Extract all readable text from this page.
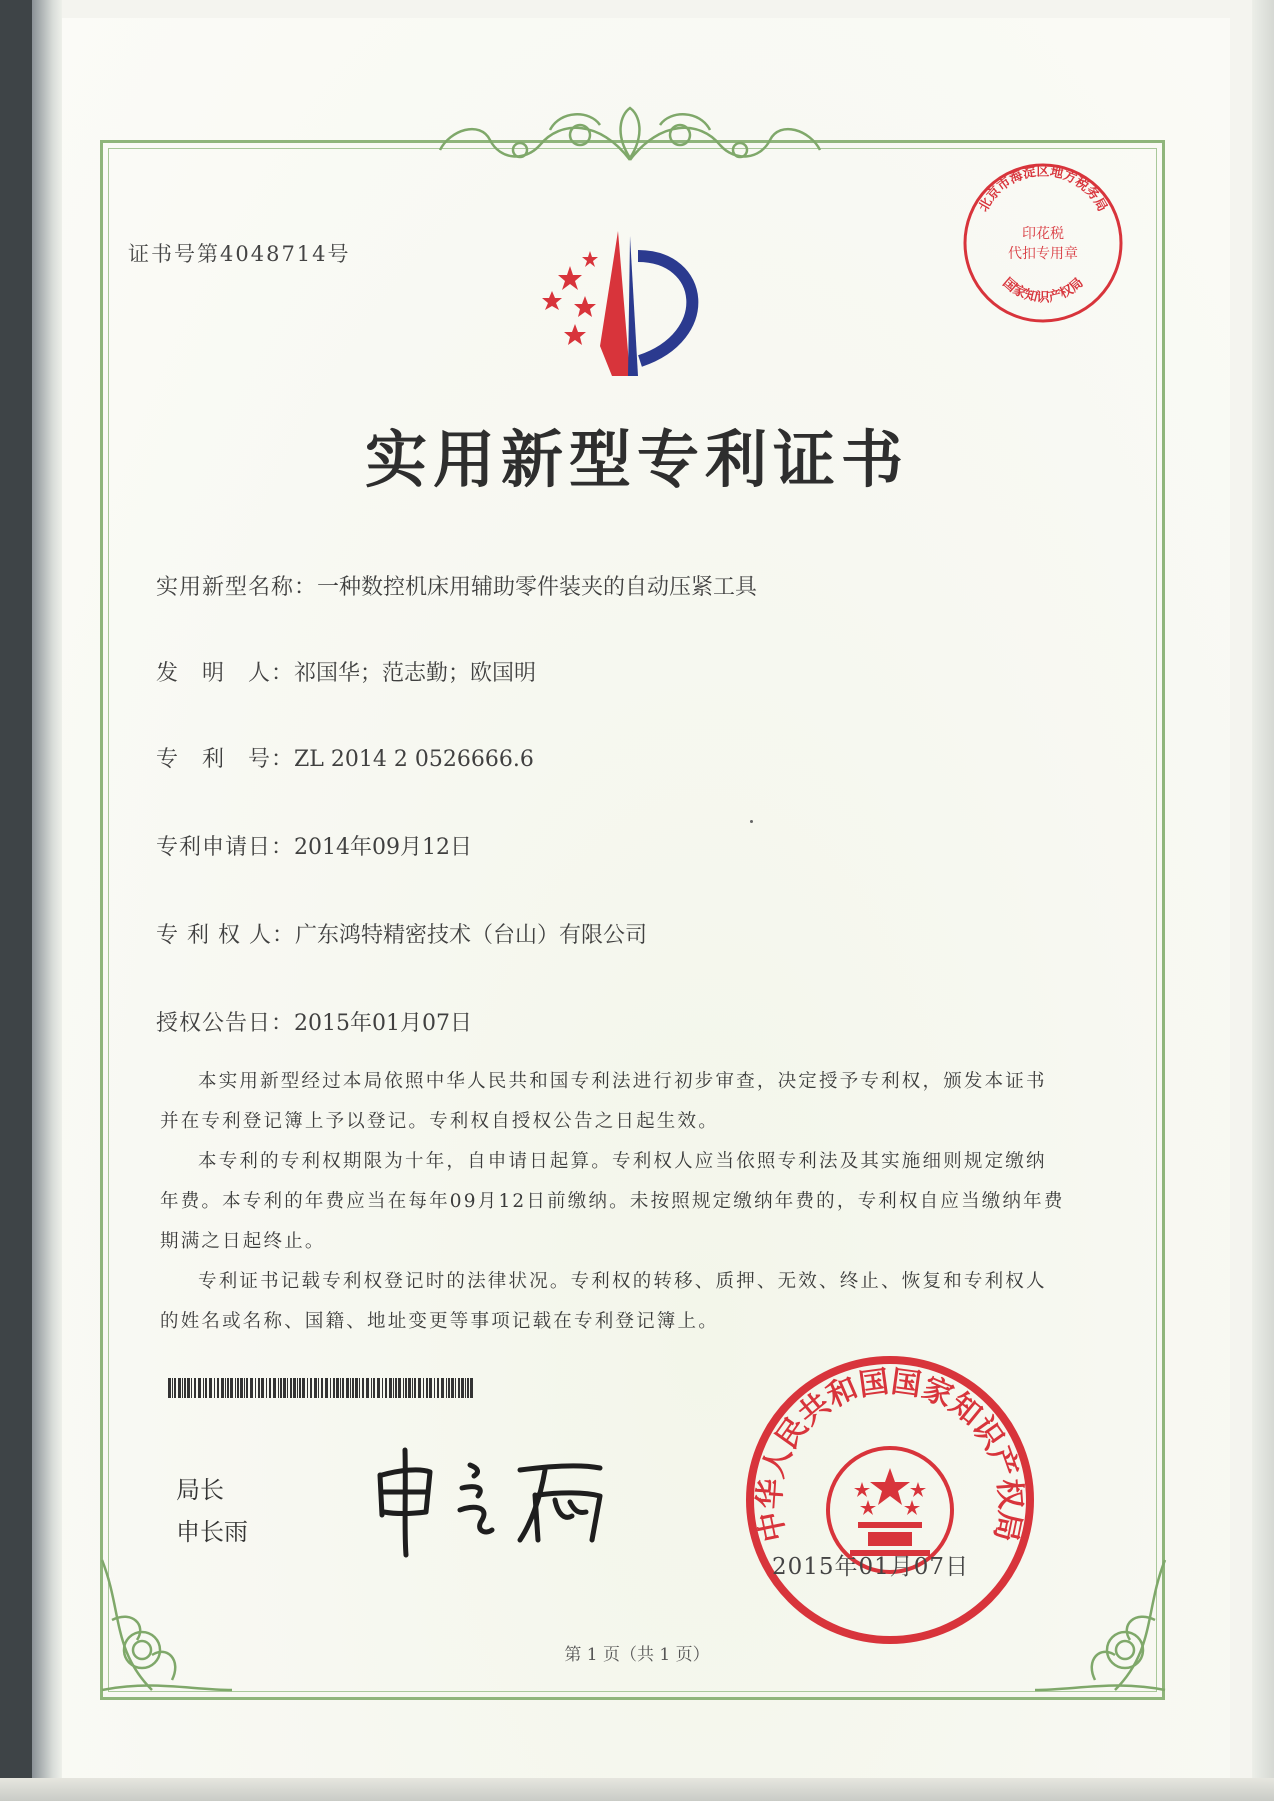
证书号第4048714号
实用新型专利证书
实用新型名称：一种数控机床用辅助零件装夹的自动压紧工具
发　明　人：祁国华；范志勤；欧国明
专　利　号：ZL 2014 2 0526666.6
专利申请日：2014年09月12日
专 利 权 人：广东鸿特精密技术（台山）有限公司
授权公告日：2015年01月07日

本实用新型经过本局依照中华人民共和国专利法进行初步审查，决定授予专利权，颁发本证书并在专利登记簿上予以登记。专利权自授权公告之日起生效。

本专利的专利权期限为十年，自申请日起算。专利权人应当依照专利法及其实施细则规定缴纳年费。本专利的年费应当在每年09月12日前缴纳。未按照规定缴纳年费的，专利权自应当缴纳年费期满之日起终止。

专利证书记载专利权登记时的法律状况。专利权的转移、质押、无效、终止、恢复和专利权人的姓名或名称、国籍、地址变更等事项记载在专利登记簿上。

局长
申长雨	中华人民共和国国家知识产权局
2015年01月07日
北京市海淀区地方税务局
印花税
代扣专用章
国家知识产权局
第 1 页（共 1 页）
